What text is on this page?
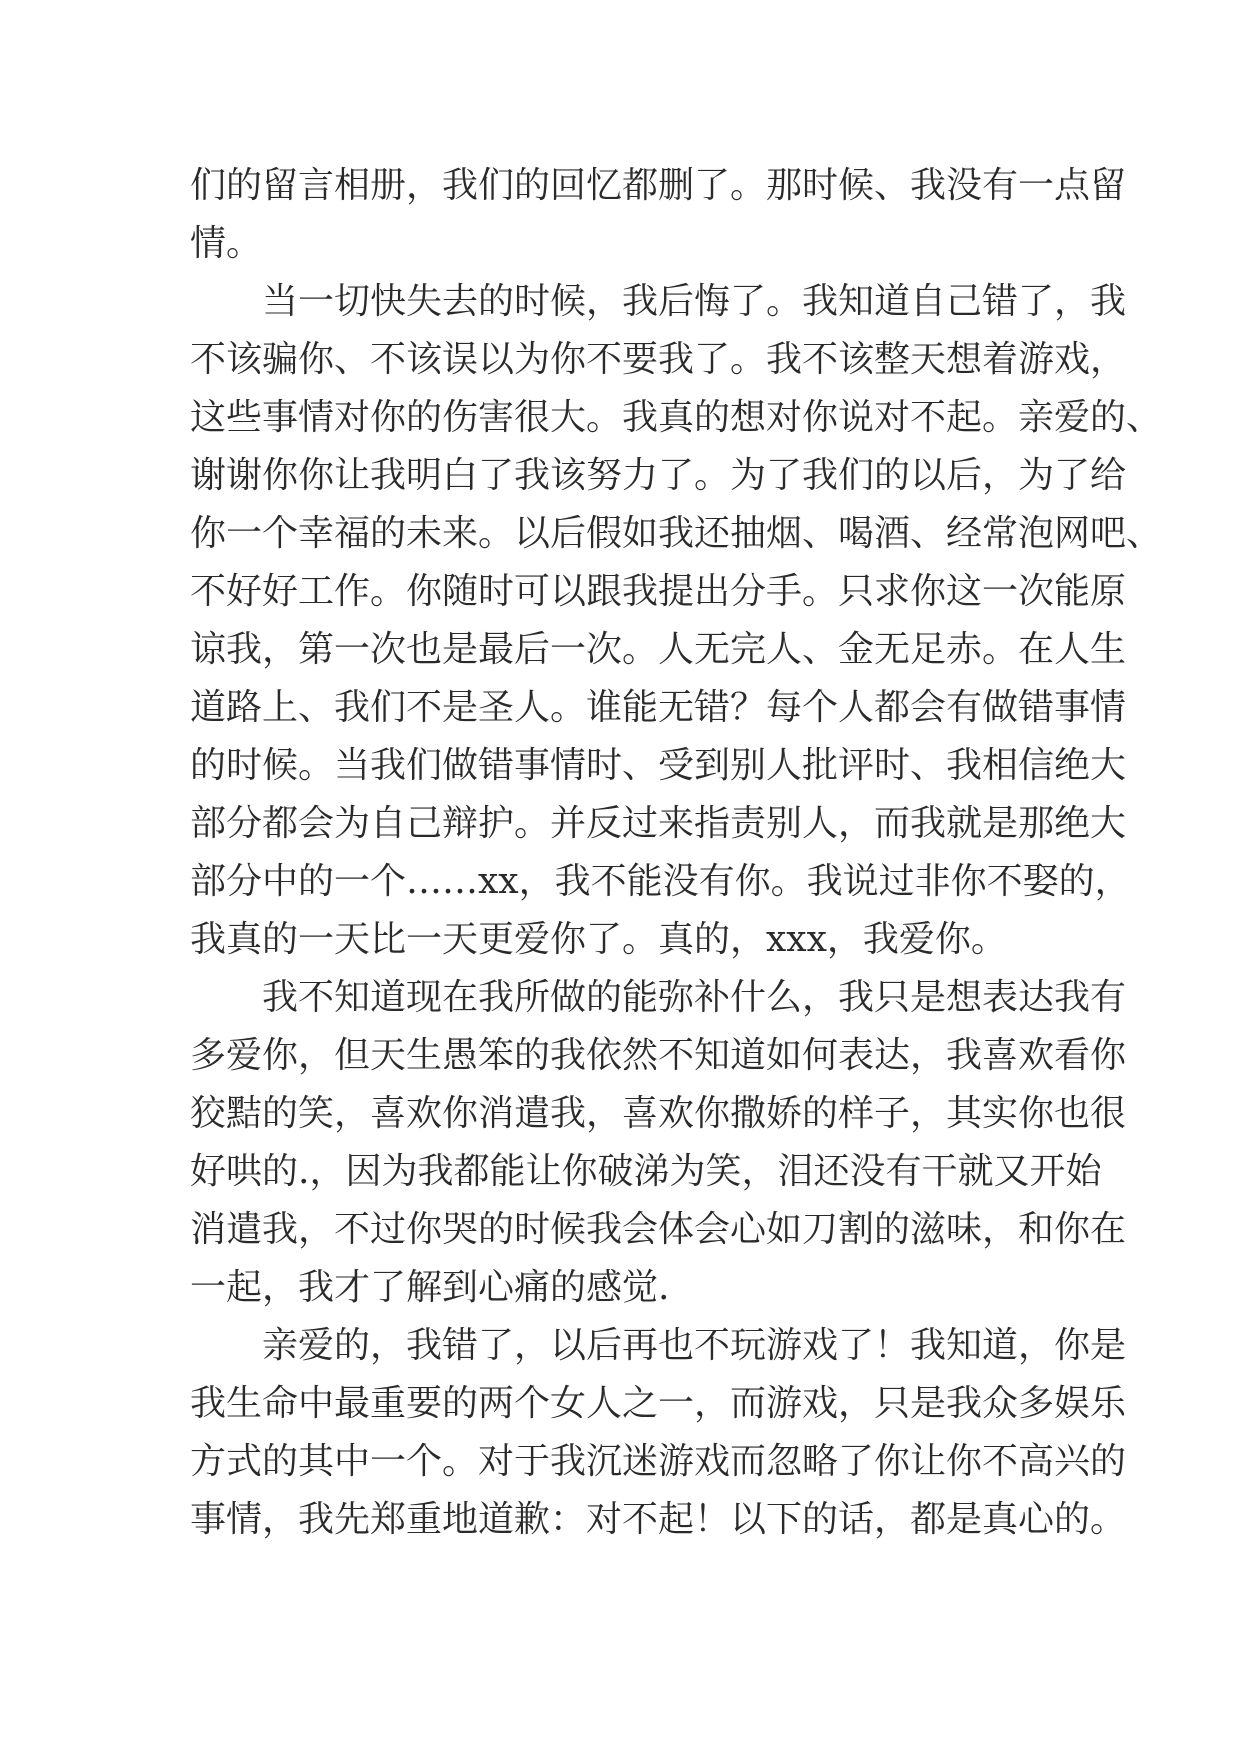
们的留言相册，我们的回忆都删了。那时候、我没有一点留
情。

当一切快失去的时候，我后悔了。我知道自己错了，我
不该骗你、不该误以为你不要我了。我不该整天想着游戏，
这些事情对你的伤害很大。我真的想对你说对不起。亲爱的、
谢谢你你让我明白了我该努力了。为了我们的以后，为了给
你一个幸福的未来。以后假如我还抽烟、喝酒、经常泡网吧、
不好好工作。你随时可以跟我提出分手。只求你这一次能原
谅我，第一次也是最后一次。人无完人、金无足赤。在人生
道路上、我们不是圣人。谁能无错？每个人都会有做错事情
的时候。当我们做错事情时、受到别人批评时、我相信绝大
部分都会为自己辩护。并反过来指责别人，而我就是那绝大
部分中的一个……xx，我不能没有你。我说过非你不娶的，
我真的一天比一天更爱你了。真的，xxx，我爱你。

我不知道现在我所做的能弥补什么，我只是想表达我有
多爱你，但天生愚笨的我依然不知道如何表达，我喜欢看你
狡黠的笑，喜欢你消遣我，喜欢你撒娇的样子，其实你也很
好哄的.，因为我都能让你破涕为笑，泪还没有干就又开始
消遣我，不过你哭的时候我会体会心如刀割的滋味，和你在
一起，我才了解到心痛的感觉.

亲爱的，我错了，以后再也不玩游戏了！我知道，你是
我生命中最重要的两个女人之一，而游戏，只是我众多娱乐
方式的其中一个。对于我沉迷游戏而忽略了你让你不高兴的
事情，我先郑重地道歉：对不起！以下的话，都是真心的。
